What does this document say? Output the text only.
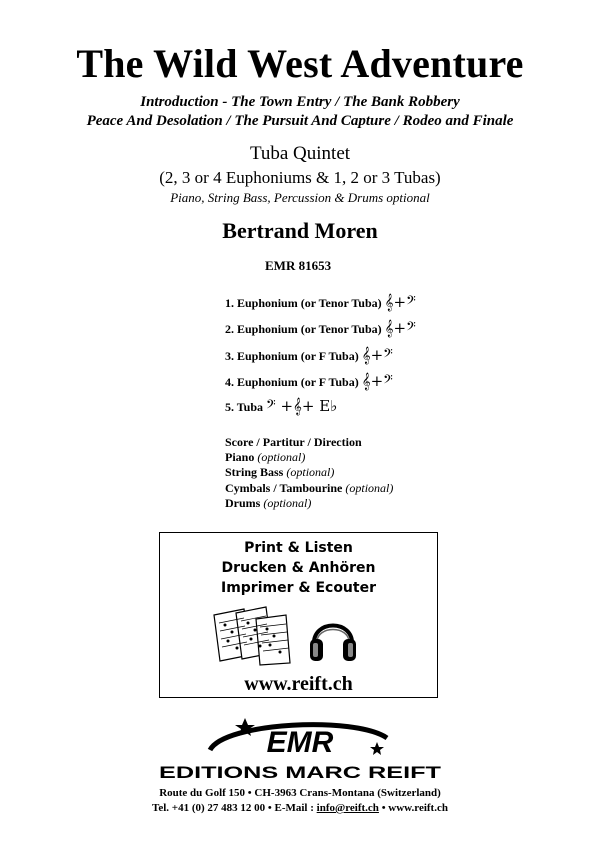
The Wild West Adventure
Introduction - The Town Entry / The Bank Robbery
Peace And Desolation / The Pursuit And Capture / Rodeo and Finale
Tuba Quintet
(2, 3 or 4 Euphoniums & 1, 2 or 3 Tubas)
Piano, String Bass, Percussion & Drums optional
Bertrand Moren
EMR 81653
1. Euphonium (or Tenor Tuba) 𝄞+𝄢
2. Euphonium (or Tenor Tuba) 𝄞+𝄢
3. Euphonium (or F Tuba) 𝄞+𝄢
4. Euphonium (or F Tuba) 𝄞+𝄢
5. Tuba 𝄢 +𝄞+ E♭
Score / Partitur / Direction
Piano (optional)
String Bass (optional)
Cymbals / Tambourine (optional)
Drums (optional)
Print & Listen
Drucken & Anhören
Imprimer & Ecouter
www.reift.ch
EMR
EDITIONS MARC REIFT
Route du Golf 150 • CH-3963 Crans-Montana (Switzerland)
Tel. +41 (0) 27 483 12 00 • E-Mail : info@reift.ch • www.reift.ch
